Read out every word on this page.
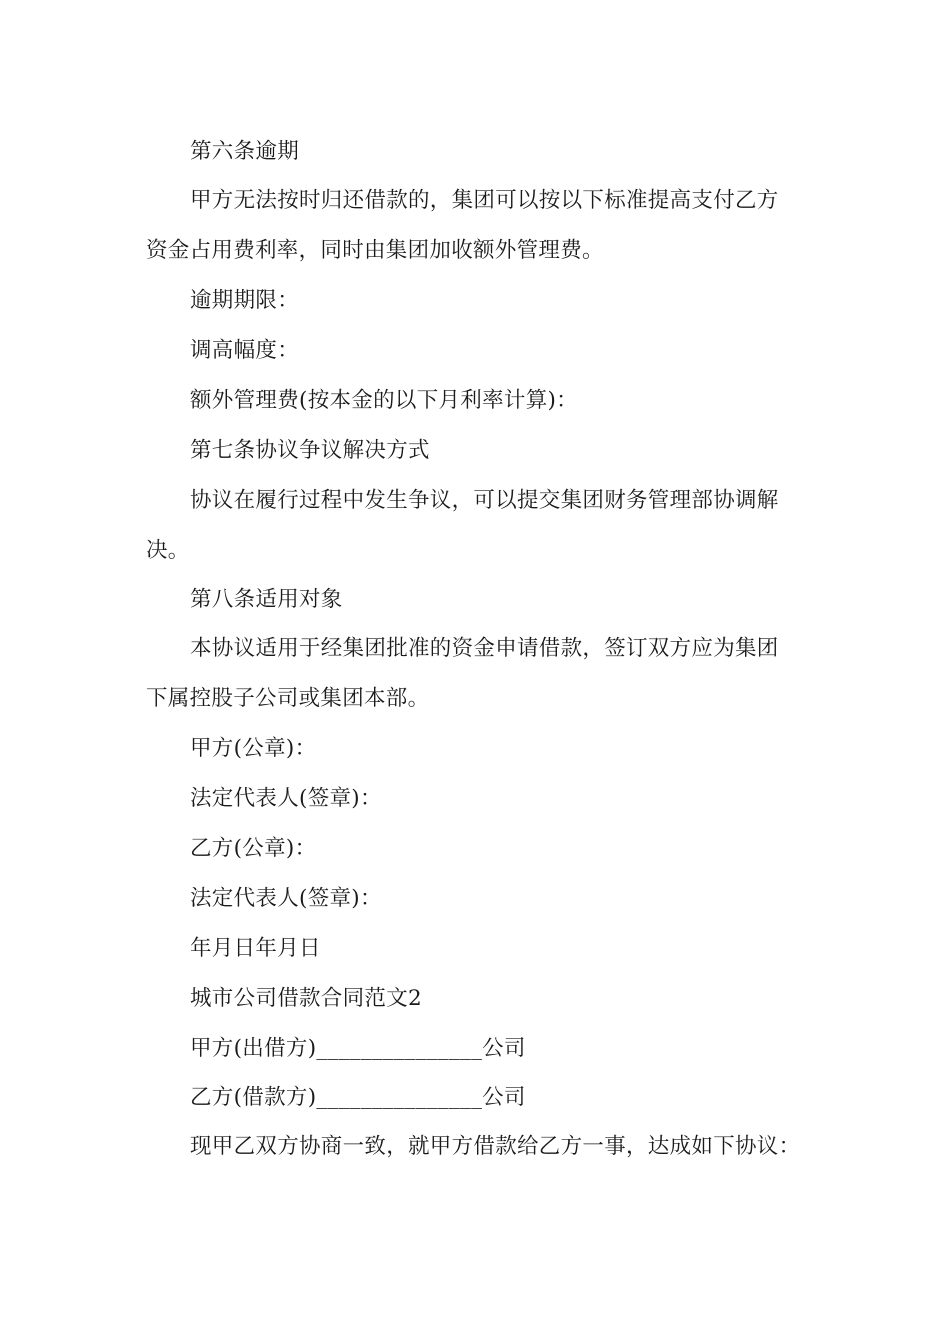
第六条逾期
甲方无法按时归还借款的，集团可以按以下标准提高支付乙方
资金占用费利率，同时由集团加收额外管理费。
逾期期限：
调高幅度：
额外管理费(按本金的以下月利率计算)：
第七条协议争议解决方式
协议在履行过程中发生争议，可以提交集团财务管理部协调解
决。
第八条适用对象
本协议适用于经集团批准的资金申请借款，签订双方应为集团
下属控股子公司或集团本部。
甲方(公章)：
法定代表人(签章)：
乙方(公章)：
法定代表人(签章)：
年月日年月日
城市公司借款合同范文2
甲方(出借方)_______________公司
乙方(借款方)_______________公司
现甲乙双方协商一致，就甲方借款给乙方一事，达成如下协议：
